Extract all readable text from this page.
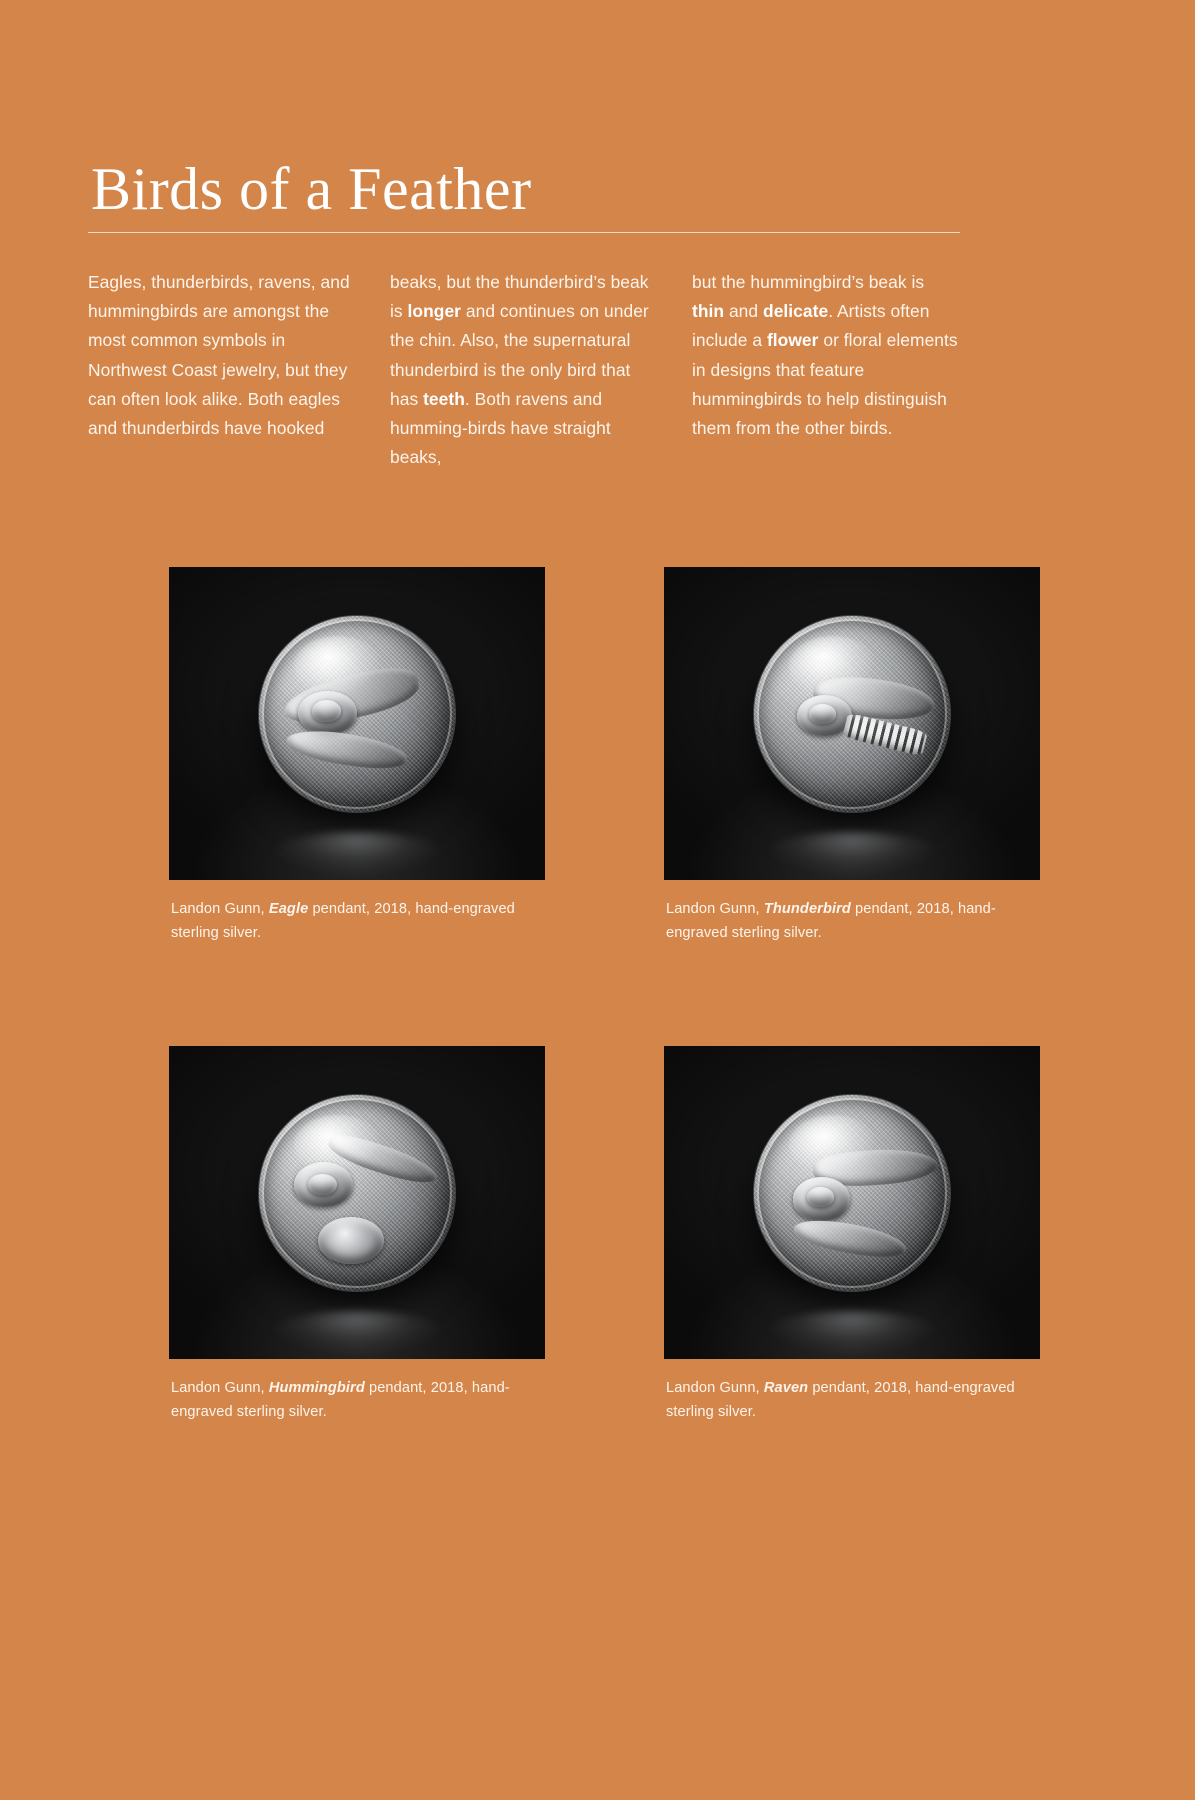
Birds of a Feather
Eagles, thunderbirds, ravens, and hummingbirds are amongst the most common symbols in Northwest Coast jewelry, but they can often look alike. Both eagles and thunderbirds have hooked
beaks, but the thunderbird’s beak is longer and continues on under the chin. Also, the supernatural thunderbird is the only bird that has teeth. Both ravens and humming-birds have straight beaks,
but the hummingbird’s beak is thin and delicate. Artists often include a flower or floral elements in designs that feature hummingbirds to help distinguish them from the other birds.
Landon Gunn, Eagle pendant, 2018, hand-engraved sterling silver.
Landon Gunn, Thunderbird pendant, 2018, hand-engraved sterling silver.
Landon Gunn, Hummingbird pendant, 2018, hand-engraved sterling silver.
Landon Gunn, Raven pendant, 2018, hand-engraved sterling silver.
